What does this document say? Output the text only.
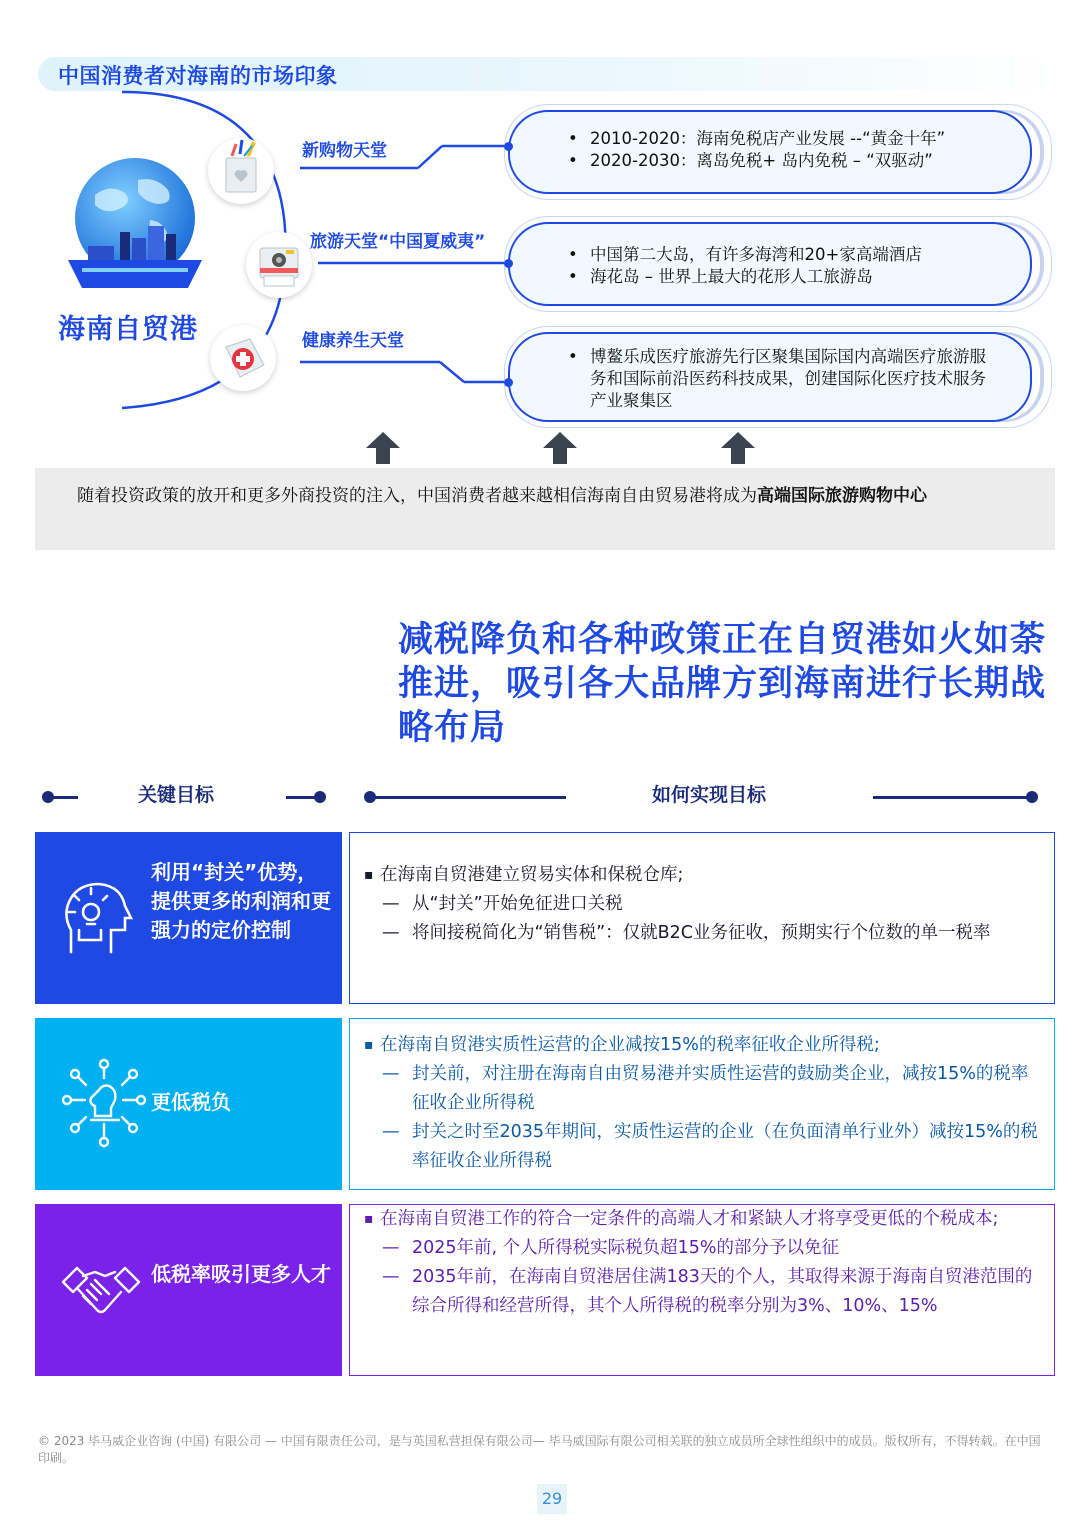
中国消费者对海南的市场印象
海南自贸港
新购物天堂
旅游天堂“中国夏威夷”
健康养生天堂
• 2010-2020：海南免税店产业发展 --“黄金十年”
• 2020-2030：离岛免税+ 岛内免税 – “双驱动”
• 中国第二大岛，有许多海湾和20+家高端酒店
• 海花岛 – 世界上最大的花形人工旅游岛
• 博鳌乐成医疗旅游先行区聚集国际国内高端医疗旅游服务和国际前沿医药科技成果，创建国际化医疗技术服务产业聚集区

随着投资政策的放开和更多外商投资的注入，中国消费者越来越相信海南自由贸易港将成为高端国际旅游购物中心

减税降负和各种政策正在自贸港如火如荼推进，吸引各大品牌方到海南进行长期战略布局
关键目标	如何实现目标
利用“封关”优势，提供更多的利润和更强力的定价控制
▪ 在海南自贸港建立贸易实体和保税仓库;
— 从“封关”开始免征进口关税
— 将间接税简化为“销售税”：仅就B2C业务征收，预期实行个位数的单一税率
更低税负
▪ 在海南自贸港实质性运营的企业减按15%的税率征收企业所得税;
— 封关前，对注册在海南自由贸易港并实质性运营的鼓励类企业，减按15%的税率征收企业所得税
— 封关之时至2035年期间，实质性运营的企业（在负面清单行业外）减按15%的税率征收企业所得税
低税率吸引更多人才
▪ 在海南自贸港工作的符合一定条件的高端人才和紧缺人才将享受更低的个税成本;
— 2025年前, 个人所得税实际税负超15%的部分予以免征
— 2035年前，在海南自贸港居住满183天的个人，其取得来源于海南自贸港范围的综合所得和经营所得，其个人所得税的税率分别为3%、10%、15%
© 2023 毕马威企业咨询 (中国) 有限公司 — 中国有限责任公司，是与英国私营担保有限公司— 毕马威国际有限公司相关联的独立成员所全球性组织中的成员。版权所有，不得转载。在中国印刷。
29
